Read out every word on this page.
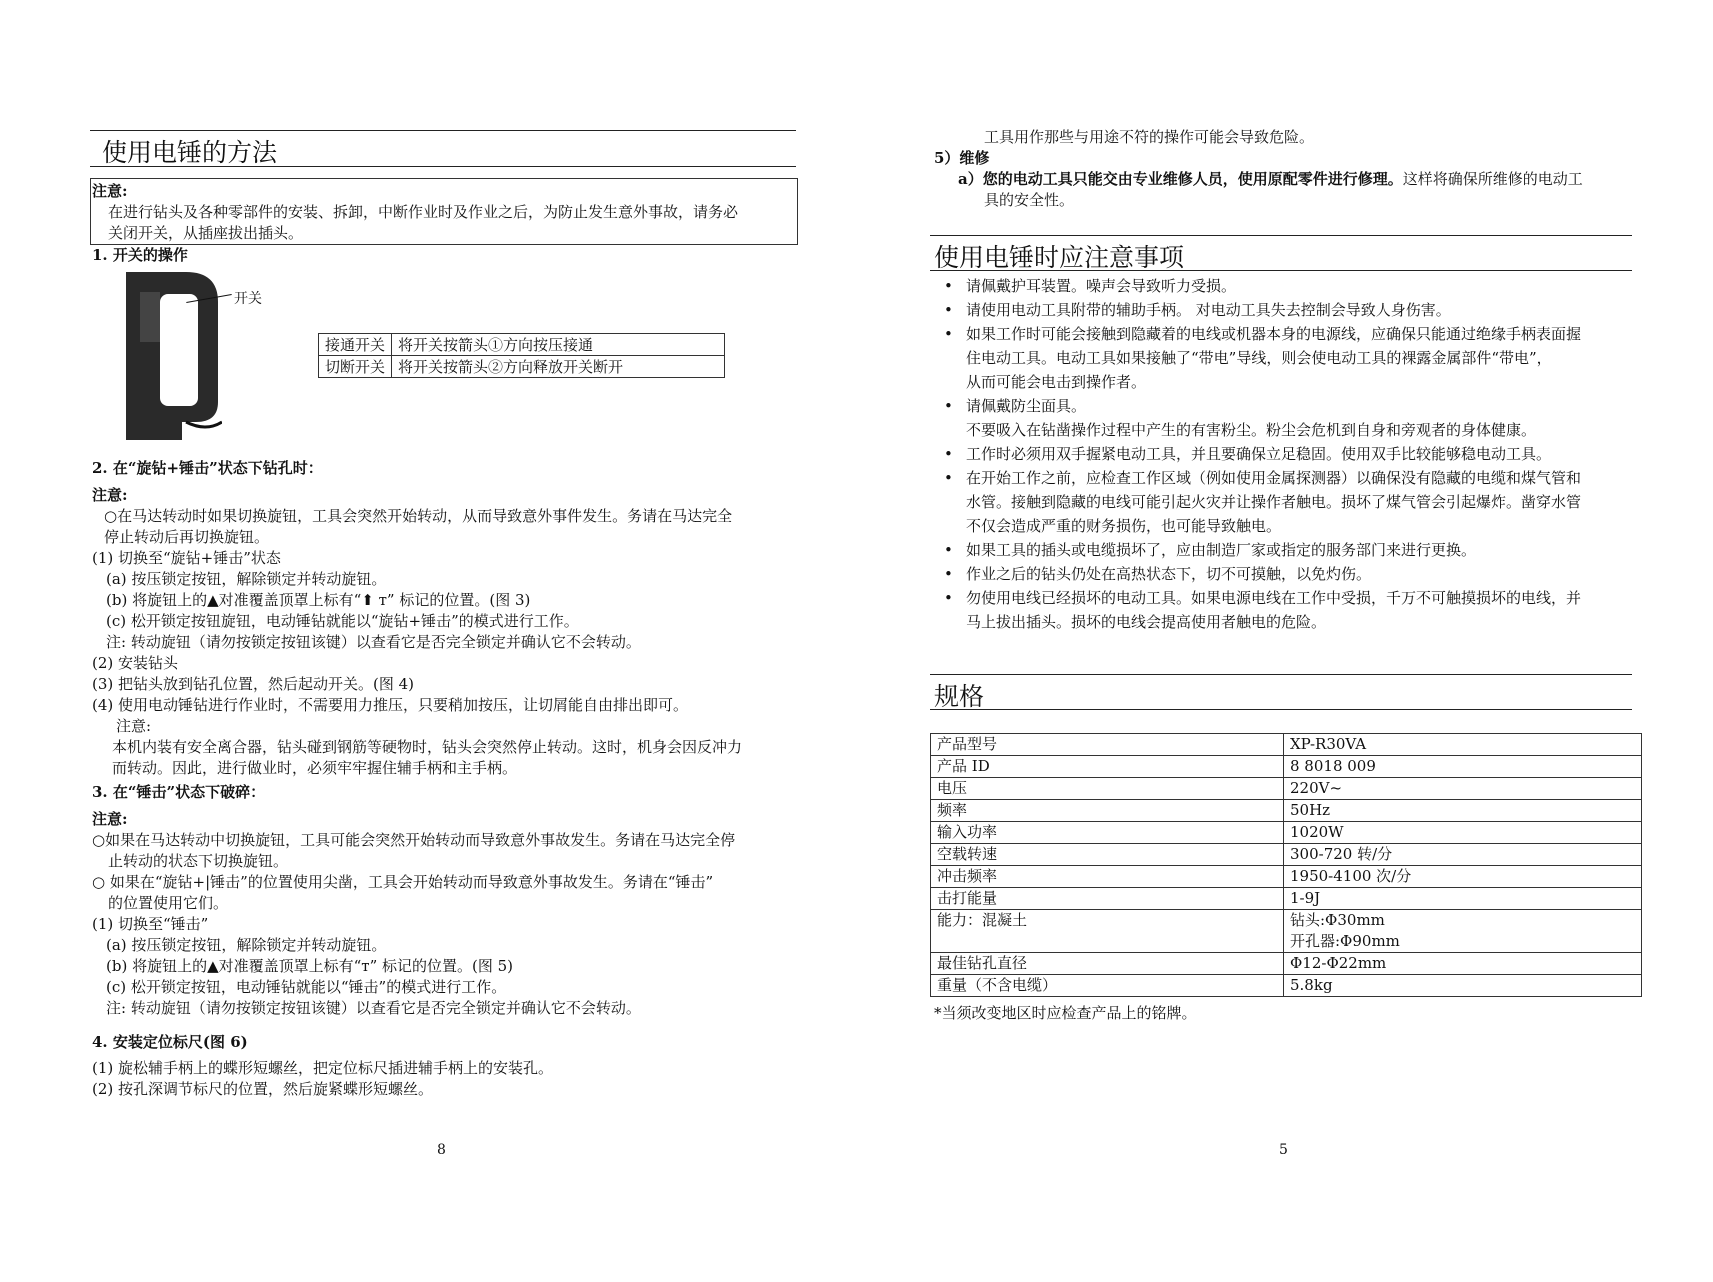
使用电锤的方法
注意:
在进行钻头及各种零部件的安装、拆卸，中断作业时及作业之后，为防止发生意外事故，请务必
关闭开关，从插座拔出插头。
1. 开关的操作
开关
①
②
接通开关	将开关按箭头①方向按压接通
切断开关	将开关按箭头②方向释放开关断开
2. 在“旋钻+锤击”状态下钻孔时：
注意:
○在马达转动时如果切换旋钮，工具会突然开始转动，从而导致意外事件发生。务请在马达完全
停止转动后再切换旋钮。
(1) 切换至“旋钻+锤击”状态
(a) 按压锁定按钮，解除锁定并转动旋钮。
(b) 将旋钮上的▲对准覆盖顶罩上标有“⬆ ᴛ” 标记的位置。(图 3)
(c) 松开锁定按钮旋钮，电动锤钻就能以“旋钻+锤击”的模式进行工作。
注: 转动旋钮（请勿按锁定按钮该键）以查看它是否完全锁定并确认它不会转动。
(2) 安装钻头
(3) 把钻头放到钻孔位置，然后起动开关。(图 4)
(4) 使用电动锤钻进行作业时，不需要用力推压，只要稍加按压，让切屑能自由排出即可。
注意:
本机内装有安全离合器，钻头碰到钢筋等硬物时，钻头会突然停止转动。这时，机身会因反冲力
而转动。因此，进行做业时，必须牢牢握住辅手柄和主手柄。
3. 在“锤击”状态下破碎：
注意:
○如果在马达转动中切换旋钮，工具可能会突然开始转动而导致意外事故发生。务请在马达完全停
止转动的状态下切换旋钮。
○ 如果在“旋钻+|锤击”的位置使用尖凿，工具会开始转动而导致意外事故发生。务请在“锤击”
的位置使用它们。
(1) 切换至“锤击”
(a) 按压锁定按钮，解除锁定并转动旋钮。
(b) 将旋钮上的▲对准覆盖顶罩上标有“ᴛ” 标记的位置。(图 5)
(c) 松开锁定按钮，电动锤钻就能以“锤击”的模式进行工作。
注: 转动旋钮（请勿按锁定按钮该键）以查看它是否完全锁定并确认它不会转动。
4. 安装定位标尺(图 6)
(1) 旋松辅手柄上的蝶形短螺丝，把定位标尺插进辅手柄上的安装孔。
(2) 按孔深调节标尺的位置，然后旋紧蝶形短螺丝。
8
工具用作那些与用途不符的操作可能会导致危险。
5）维修
a）您的电动工具只能交由专业维修人员，使用原配零件进行修理。这样将确保所维修的电动工
具的安全性。
使用电锤时应注意事项
• 请佩戴护耳装置。噪声会导致听力受损。
• 请使用电动工具附带的辅助手柄。 对电动工具失去控制会导致人身伤害。
• 如果工作时可能会接触到隐藏着的电线或机器本身的电源线，应确保只能通过绝缘手柄表面握
住电动工具。电动工具如果接触了“带电”导线，则会使电动工具的裸露金属部件“带电”，
从而可能会电击到操作者。
• 请佩戴防尘面具。
不要吸入在钻凿操作过程中产生的有害粉尘。粉尘会危机到自身和旁观者的身体健康。
• 工作时必须用双手握紧电动工具，并且要确保立足稳固。使用双手比较能够稳电动工具。
• 在开始工作之前，应检查工作区域（例如使用金属探测器）以确保没有隐藏的电缆和煤气管和
水管。接触到隐藏的电线可能引起火灾并让操作者触电。损坏了煤气管会引起爆炸。凿穿水管
不仅会造成严重的财务损伤，也可能导致触电。
• 如果工具的插头或电缆损坏了，应由制造厂家或指定的服务部门来进行更换。
• 作业之后的钻头仍处在高热状态下，切不可摸触，以免灼伤。
• 勿使用电线已经损坏的电动工具。如果电源电线在工作中受损，千万不可触摸损坏的电线，并
马上拔出插头。损坏的电线会提高使用者触电的危险。
规格
产品型号	XP-R30VA
产品 ID	8 8018 009
电压	220V~
频率	50Hz
输入功率	1020W
空载转速	300-720 转/分
冲击频率	1950-4100 次/分
击打能量	1-9J
能力：混凝土	钻头:Φ30mm
开孔器:Φ90mm
最佳钻孔直径	Φ12-Φ22mm
重量（不含电缆）	5.8kg
*当须改变地区时应检查产品上的铭牌。
5
